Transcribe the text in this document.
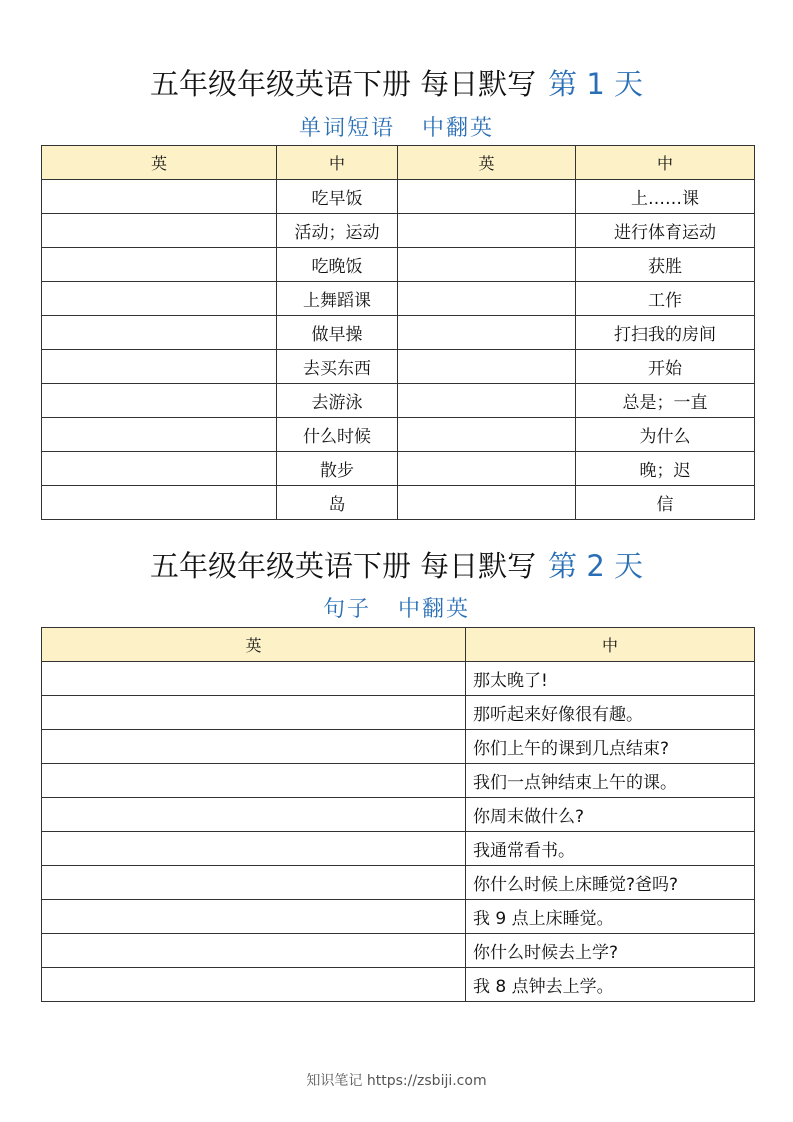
五年级年级英语下册 每日默写 第 1 天
单词短语   中翻英
英	中	英	中
	吃早饭		上……课
	活动；运动		进行体育运动
	吃晚饭		获胜
	上舞蹈课		工作
	做早操		打扫我的房间
	去买东西		开始
	去游泳		总是；一直
	什么时候		为什么
	散步		晚；迟
	岛		信
五年级年级英语下册 每日默写 第 2 天
句子   中翻英
英	中
	那太晚了!
	那听起来好像很有趣。
	你们上午的课到几点结束?
	我们一点钟结束上午的课。
	你周末做什么?
	我通常看书。
	你什么时候上床睡觉?爸吗?
	我 9 点上床睡觉。
	你什么时候去上学?
	我 8 点钟去上学。
知识笔记 https://zsbiji.com
